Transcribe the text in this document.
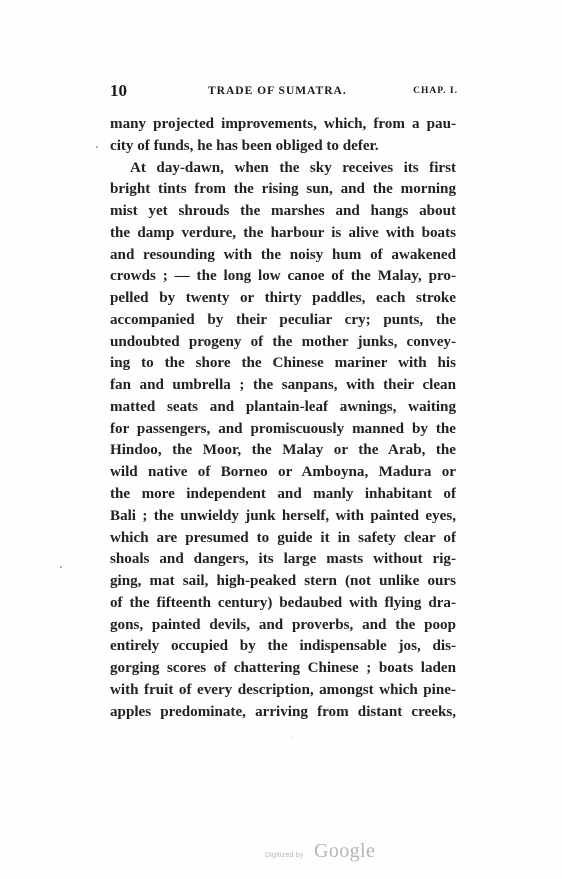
10	TRADE OF SUMATRA.	CHAP. I.
many projected improvements, which, from a pau-
city of funds, he has been obliged to defer.
At day-dawn, when the sky receives its first
bright tints from the rising sun, and the morning
mist yet shrouds the marshes and hangs about
the damp verdure, the harbour is alive with boats
and resounding with the noisy hum of awakened
crowds ; — the long low canoe of the Malay, pro-
pelled by twenty or thirty paddles, each stroke
accompanied by their peculiar cry; punts, the
undoubted progeny of the mother junks, convey-
ing to the shore the Chinese mariner with his
fan and umbrella ; the sanpans, with their clean
matted seats and plantain-leaf awnings, waiting
for passengers, and promiscuously manned by the
Hindoo, the Moor, the Malay or the Arab, the
wild native of Borneo or Amboyna, Madura or
the more independent and manly inhabitant of
Bali ; the unwieldy junk herself, with painted eyes,
which are presumed to guide it in safety clear of
shoals and dangers, its large masts without rig-
ging, mat sail, high-peaked stern (not unlike ours
of the fifteenth century) bedaubed with flying dra-
gons, painted devils, and proverbs, and the poop
entirely occupied by the indispensable jos, dis-
gorging scores of chattering Chinese ; boats laden
with fruit of every description, amongst which pine-
apples predominate, arriving from distant creeks,
Digitized by Google
